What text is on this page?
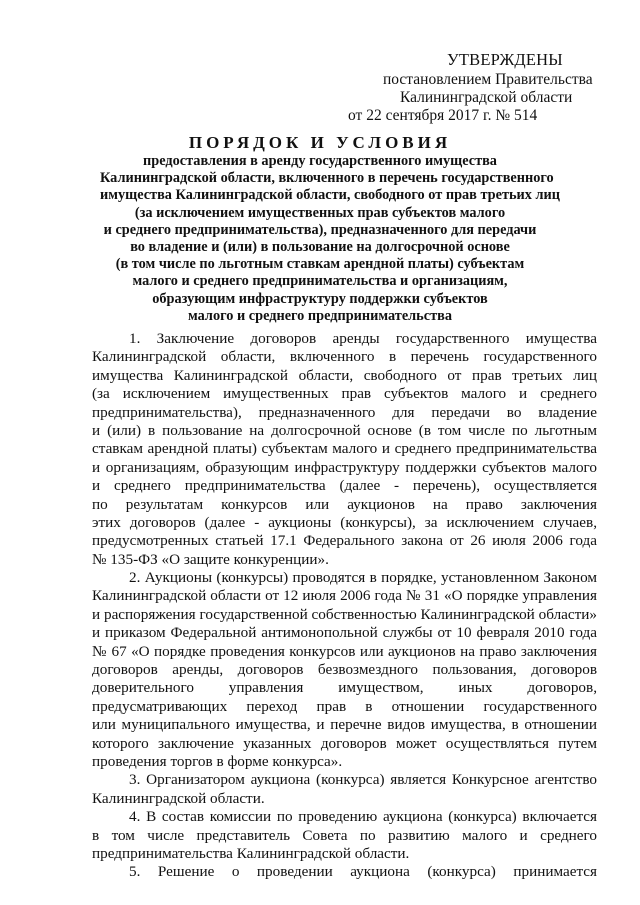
УТВЕРЖДЕНЫ
постановлением Правительства
Калининградской области
от 22 сентября 2017 г. № 514
ПОРЯДОК И УСЛОВИЯ
предоставления в аренду государственного имущества
Калининградской области, включенного в перечень государственного
имущества Калининградской области, свободного от прав третьих лиц
(за исключением имущественных прав субъектов малого
и среднего предпринимательства), предназначенного для передачи
во владение и (или) в пользование на долгосрочной основе
(в том числе по льготным ставкам арендной платы) субъектам
малого и среднего предпринимательства и организациям,
образующим инфраструктуру поддержки субъектов
малого и среднего предпринимательства
1. Заключение договоров аренды государственного имущества
Калининградской области, включенного в перечень государственного
имущества Калининградской области, свободного от прав третьих лиц
(за исключением имущественных прав субъектов малого и среднего
предпринимательства), предназначенного для передачи во владение
и (или) в пользование на долгосрочной основе (в том числе по льготным
ставкам арендной платы) субъектам малого и среднего предпринимательства
и организациям, образующим инфраструктуру поддержки субъектов малого
и среднего предпринимательства (далее - перечень), осуществляется
по результатам конкурсов или аукционов на право заключения
этих договоров (далее - аукционы (конкурсы), за исключением случаев,
предусмотренных статьей 17.1 Федерального закона от 26 июля 2006 года
№ 135-ФЗ «О защите конкуренции».
2. Аукционы (конкурсы) проводятся в порядке, установленном Законом
Калининградской области от 12 июля 2006 года № 31 «О порядке управления
и распоряжения государственной собственностью Калининградской области»
и приказом Федеральной антимонопольной службы от 10 февраля 2010 года
№ 67 «О порядке проведения конкурсов или аукционов на право заключения
договоров аренды, договоров безвозмездного пользования, договоров
доверительного управления имуществом, иных договоров,
предусматривающих переход прав в отношении государственного
или муниципального имущества, и перечне видов имущества, в отношении
которого заключение указанных договоров может осуществляться путем
проведения торгов в форме конкурса».
3. Организатором аукциона (конкурса) является Конкурсное агентство
Калининградской области.
4. В состав комиссии по проведению аукциона (конкурса) включается
в том числе представитель Совета по развитию малого и среднего
предпринимательства Калининградской области.
5. Решение о проведении аукциона (конкурса) принимается
